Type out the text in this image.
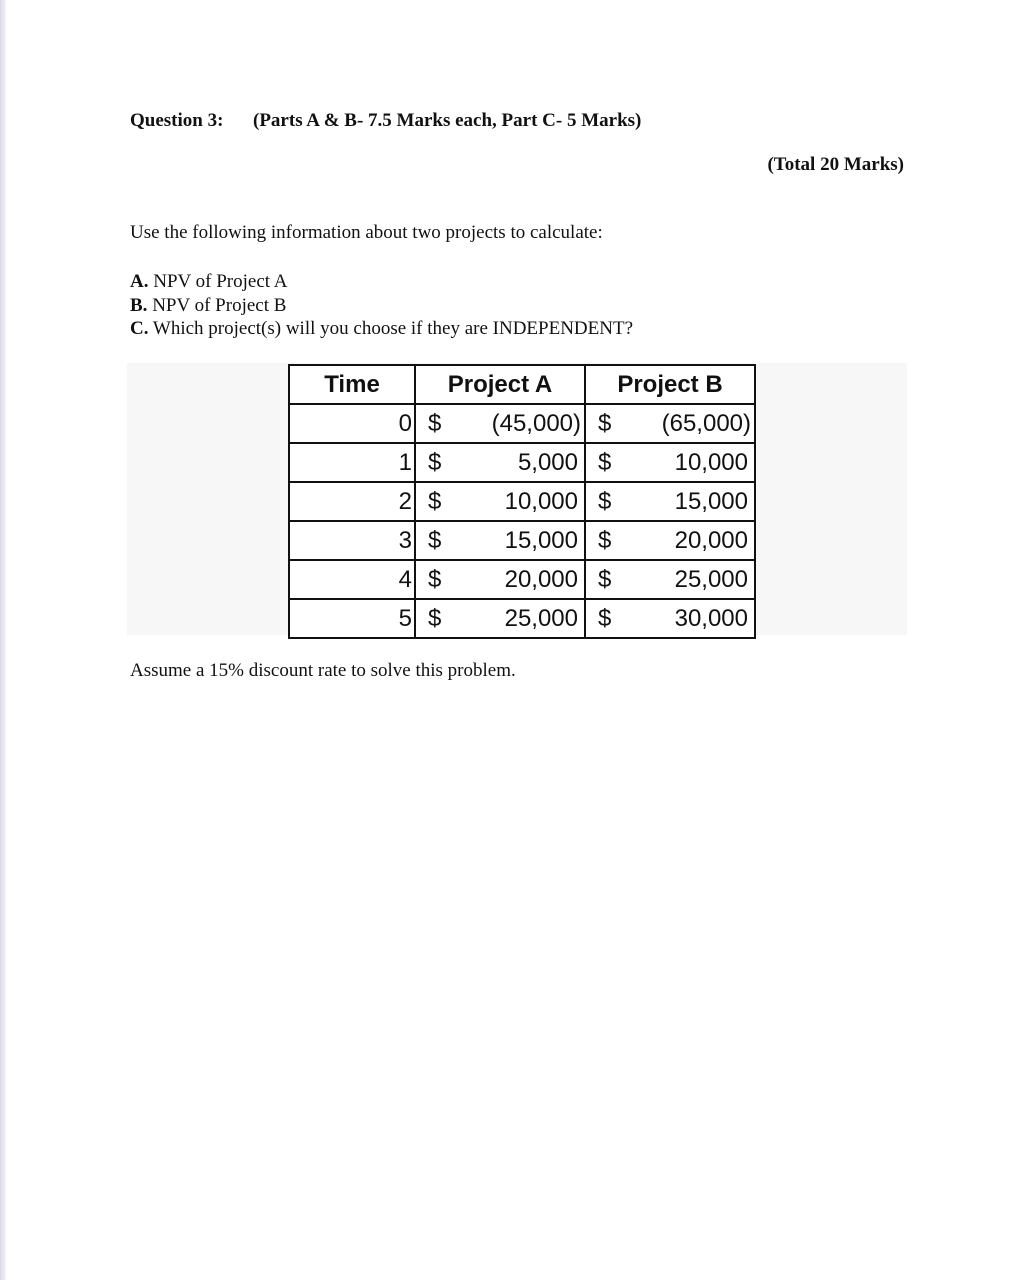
Question 3: (Parts A & B- 7.5 Marks each, Part C- 5 Marks)
(Total 20 Marks)
Use the following information about two projects to calculate:
A. NPV of Project A
B. NPV of Project B
C. Which project(s) will you choose if they are INDEPENDENT?
Time	Project A		Project B	
0	$	(45,000)	$	(65,000)
1	$	5,000	$	10,000
2	$	10,000	$	15,000
3	$	15,000	$	20,000
4	$	20,000	$	25,000
5	$	25,000	$	30,000
Assume a 15% discount rate to solve this problem.
